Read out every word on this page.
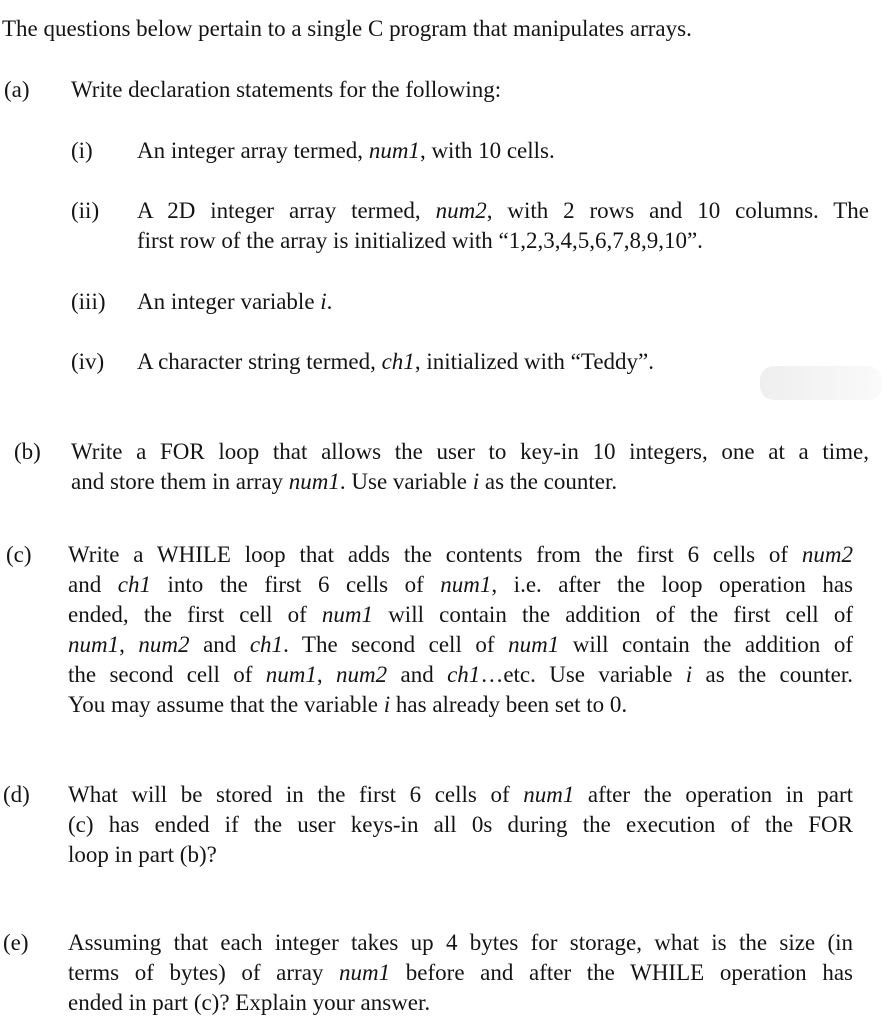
The questions below pertain to a single C program that manipulates arrays.
(a) Write declaration statements for the following:
(i) An integer array termed, num1, with 10 cells.
(ii) A 2D integer array termed, num2, with 2 rows and 10 columns. The
first row of the array is initialized with “1,2,3,4,5,6,7,8,9,10”.
(iii) An integer variable i.
(iv) A character string termed, ch1, initialized with “Teddy”.
(b) Write a FOR loop that allows the user to key-in 10 integers, one at a time,
and store them in array num1. Use variable i as the counter.
(c) Write a WHILE loop that adds the contents from the first 6 cells of num2
and ch1 into the first 6 cells of num1, i.e. after the loop operation has
ended, the first cell of num1 will contain the addition of the first cell of
num1, num2 and ch1. The second cell of num1 will contain the addition of
the second cell of num1, num2 and ch1…etc. Use variable i as the counter.
You may assume that the variable i has already been set to 0.
(d) What will be stored in the first 6 cells of num1 after the operation in part
(c) has ended if the user keys-in all 0s during the execution of the FOR
loop in part (b)?
(e) Assuming that each integer takes up 4 bytes for storage, what is the size (in
terms of bytes) of array num1 before and after the WHILE operation has
ended in part (c)? Explain your answer.
